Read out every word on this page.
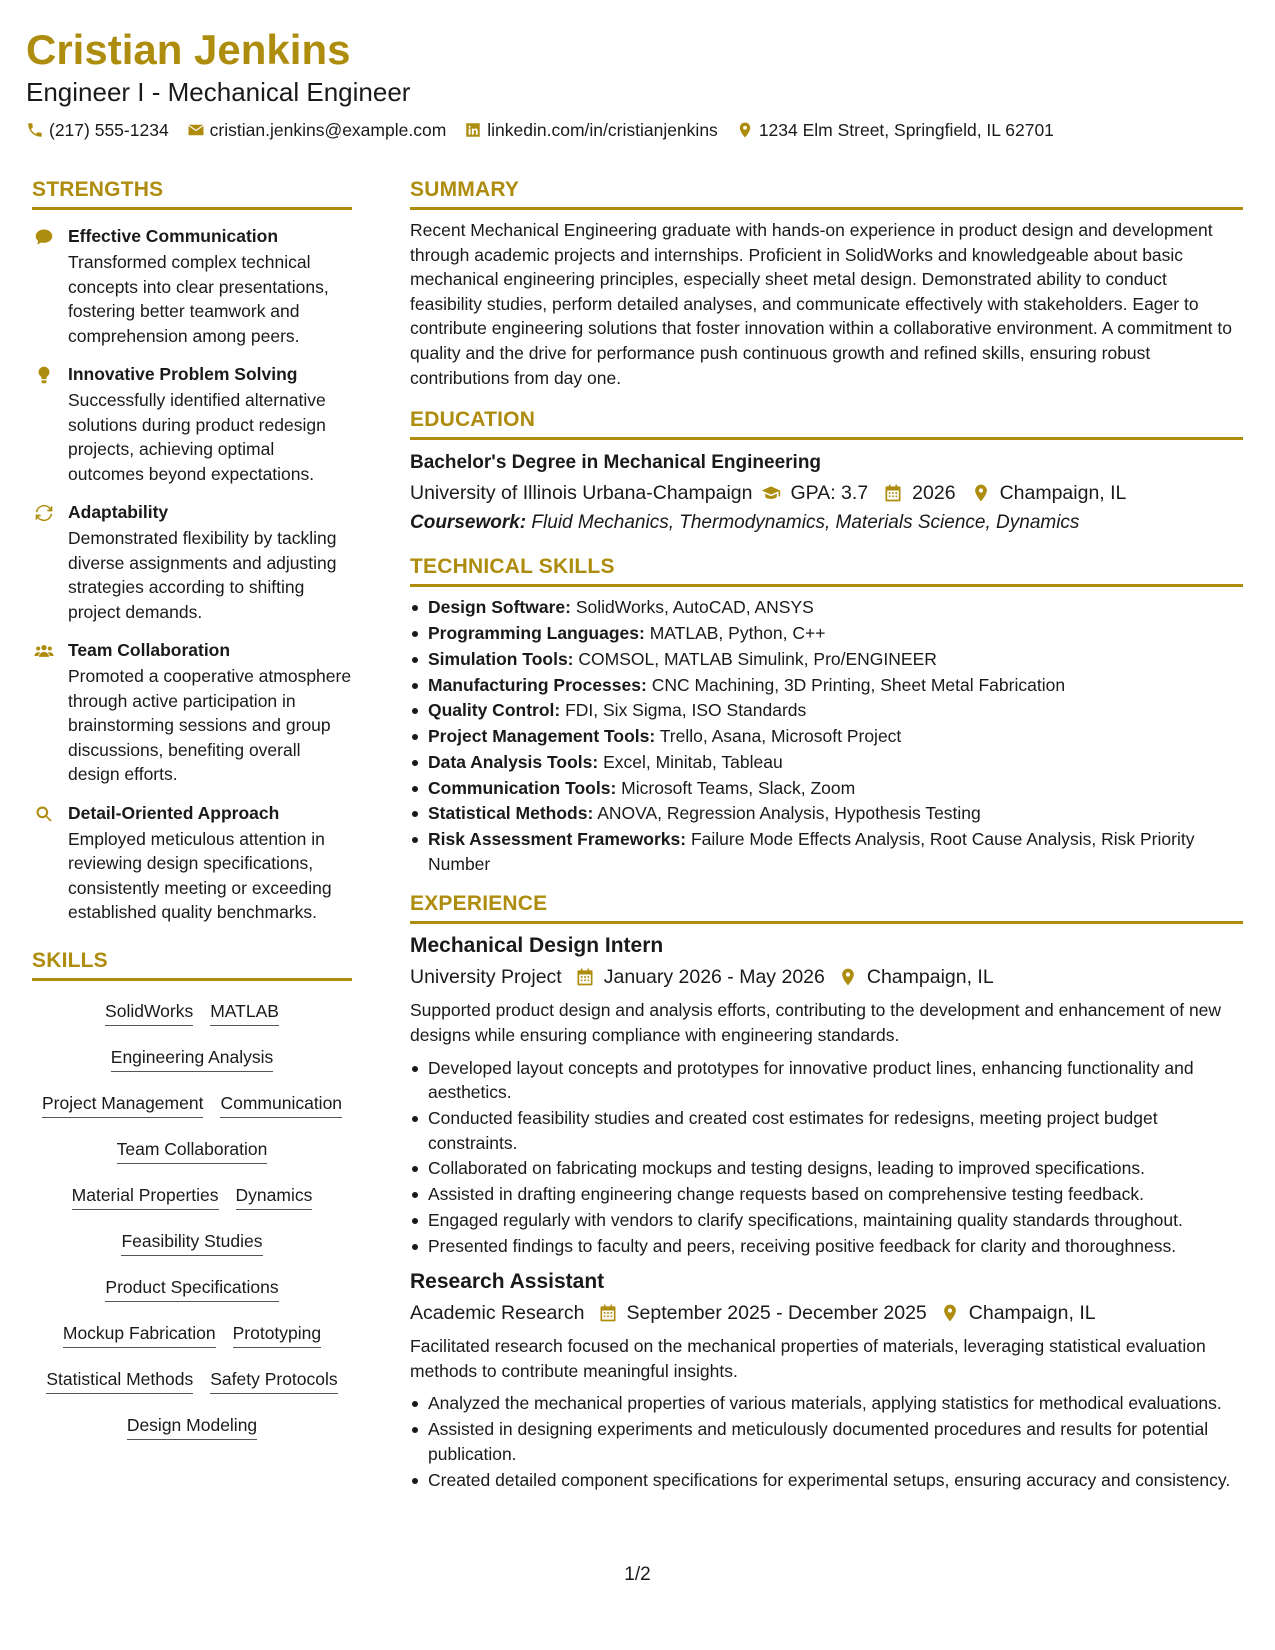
Cristian Jenkins
Engineer I - Mechanical Engineer
(217) 555-1234 cristian.jenkins@example.com linkedin.com/in/cristianjenkins 1234 Elm Street, Springfield, IL 62701
STRENGTHS
Effective Communication
Transformed complex technical concepts into clear presentations, fostering better teamwork and comprehension among peers.
Innovative Problem Solving
Successfully identified alternative solutions during product redesign projects, achieving optimal outcomes beyond expectations.
Adaptability
Demonstrated flexibility by tackling diverse assignments and adjusting strategies according to shifting project demands.
Team Collaboration
Promoted a cooperative atmosphere through active participation in brainstorming sessions and group discussions, benefiting overall design efforts.
Detail-Oriented Approach
Employed meticulous attention in reviewing design specifications, consistently meeting or exceeding established quality benchmarks.
SKILLS
SolidWorks MATLAB
Engineering Analysis
Project Management Communication
Team Collaboration
Material Properties Dynamics
Feasibility Studies
Product Specifications
Mockup Fabrication Prototyping
Statistical Methods Safety Protocols
Design Modeling
SUMMARY
Recent Mechanical Engineering graduate with hands-on experience in product design and development through academic projects and internships. Proficient in SolidWorks and knowledgeable about basic mechanical engineering principles, especially sheet metal design. Demonstrated ability to conduct feasibility studies, perform detailed analyses, and communicate effectively with stakeholders. Eager to contribute engineering solutions that foster innovation within a collaborative environment. A commitment to quality and the drive for performance push continuous growth and refined skills, ensuring robust contributions from day one.
EDUCATION
Bachelor's Degree in Mechanical Engineering
University of Illinois Urbana-Champaign GPA: 3.7 2026 Champaign, IL
Coursework: Fluid Mechanics, Thermodynamics, Materials Science, Dynamics
TECHNICAL SKILLS
Design Software: SolidWorks, AutoCAD, ANSYS
Programming Languages: MATLAB, Python, C++
Simulation Tools: COMSOL, MATLAB Simulink, Pro/ENGINEER
Manufacturing Processes: CNC Machining, 3D Printing, Sheet Metal Fabrication
Quality Control: FDI, Six Sigma, ISO Standards
Project Management Tools: Trello, Asana, Microsoft Project
Data Analysis Tools: Excel, Minitab, Tableau
Communication Tools: Microsoft Teams, Slack, Zoom
Statistical Methods: ANOVA, Regression Analysis, Hypothesis Testing
Risk Assessment Frameworks: Failure Mode Effects Analysis, Root Cause Analysis, Risk Priority Number
EXPERIENCE
Mechanical Design Intern
University Project January 2026 - May 2026 Champaign, IL
Supported product design and analysis efforts, contributing to the development and enhancement of new designs while ensuring compliance with engineering standards.
Developed layout concepts and prototypes for innovative product lines, enhancing functionality and aesthetics.
Conducted feasibility studies and created cost estimates for redesigns, meeting project budget constraints.
Collaborated on fabricating mockups and testing designs, leading to improved specifications.
Assisted in drafting engineering change requests based on comprehensive testing feedback.
Engaged regularly with vendors to clarify specifications, maintaining quality standards throughout.
Presented findings to faculty and peers, receiving positive feedback for clarity and thoroughness.
Research Assistant
Academic Research September 2025 - December 2025 Champaign, IL
Facilitated research focused on the mechanical properties of materials, leveraging statistical evaluation methods to contribute meaningful insights.
Analyzed the mechanical properties of various materials, applying statistics for methodical evaluations.
Assisted in designing experiments and meticulously documented procedures and results for potential publication.
Created detailed component specifications for experimental setups, ensuring accuracy and consistency.
1/2
